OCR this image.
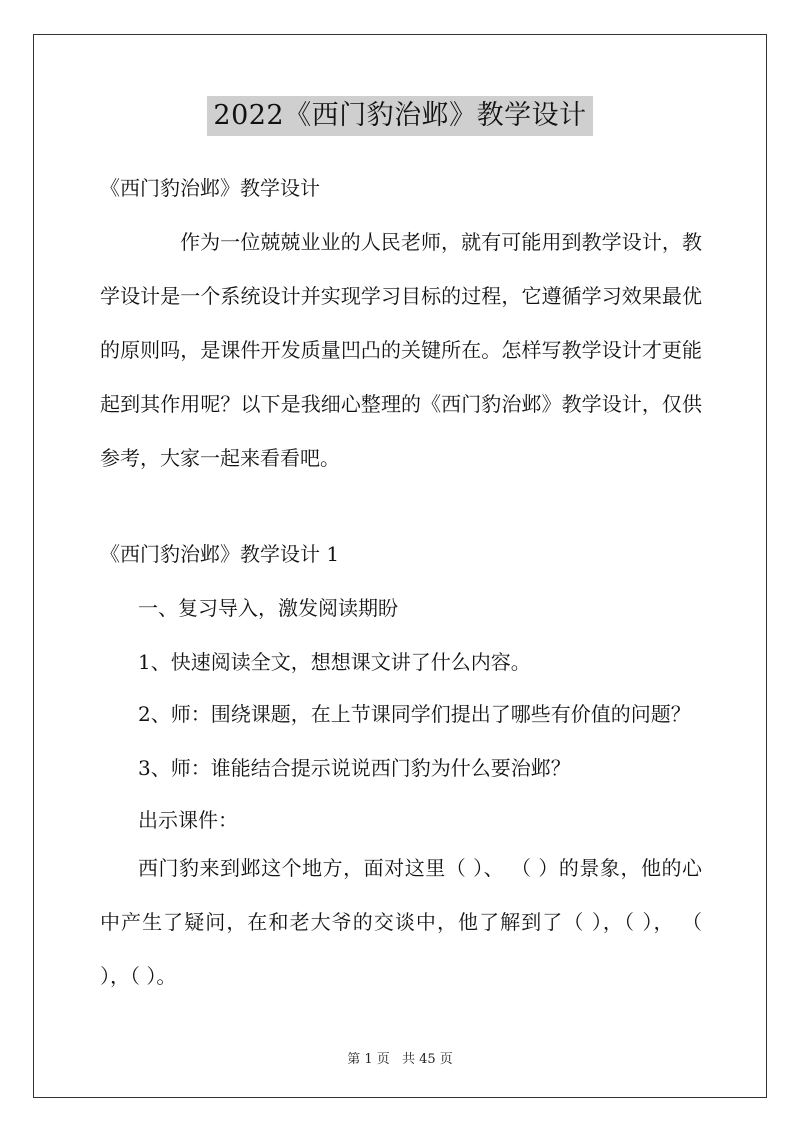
2022《西门豹治邺》教学设计
《西门豹治邺》教学设计
作为一位兢兢业业的人民老师，就有可能用到教学设计，教学设计是一个系统设计并实现学习目标的过程，它遵循学习效果最优的原则吗，是课件开发质量凹凸的关键所在。怎样写教学设计才更能起到其作用呢？以下是我细心整理的《西门豹治邺》教学设计，仅供参考，大家一起来看看吧。
《西门豹治邺》教学设计 1
一、复习导入，激发阅读期盼
1、快速阅读全文，想想课文讲了什么内容。
2、师：围绕课题，在上节课同学们提出了哪些有价值的问题？
3、师：谁能结合提示说说西门豹为什么要治邺？
出示课件：
西门豹来到邺这个地方，面对这里（ ）、 （ ）的景象，他的心中产生了疑问，在和老大爷的交谈中，他了解到了（ ），（ ）， （ ），（ ）。
第 1 页 共 45 页
